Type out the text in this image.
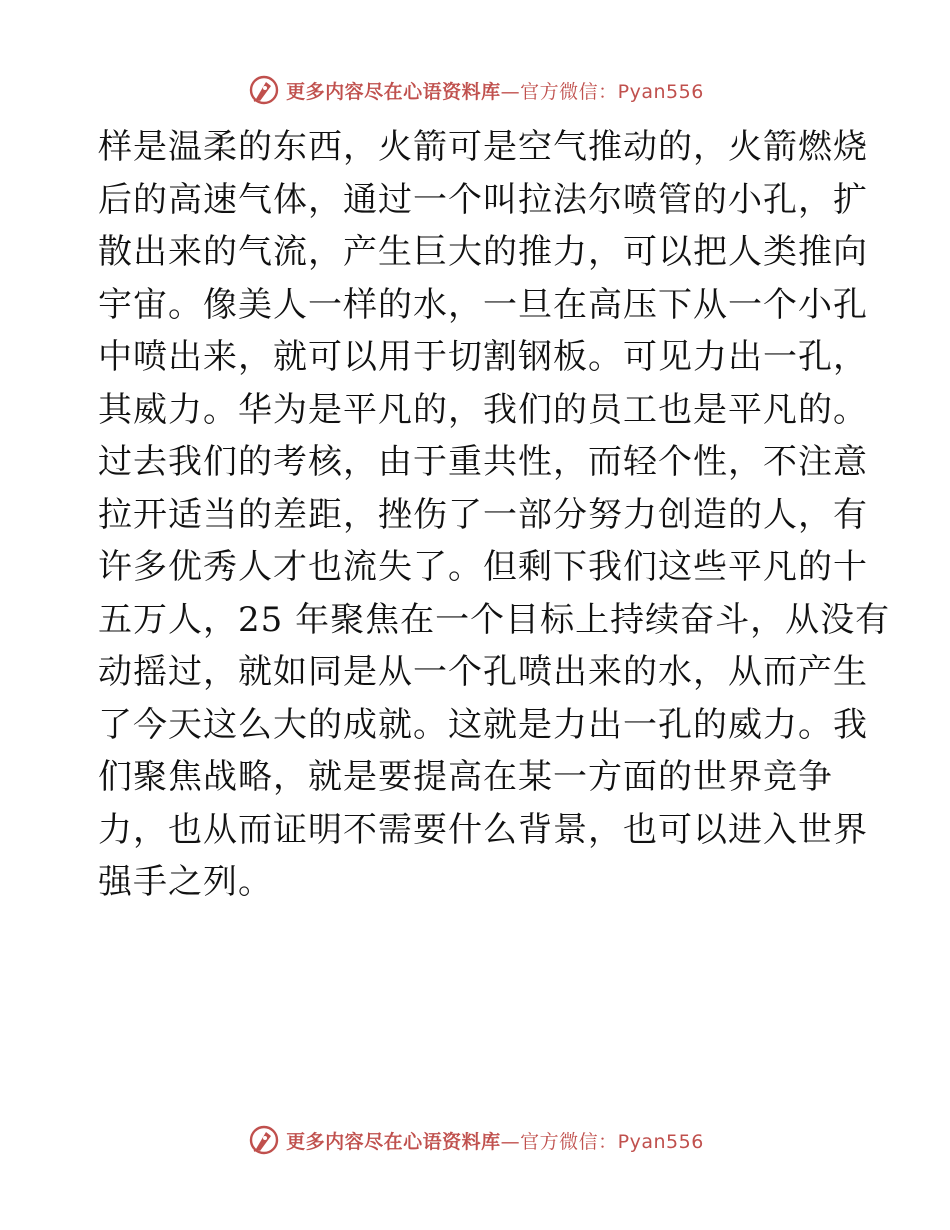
更多内容尽在心语资料库 —官方微信：Pyan556
样是温柔的东西，火箭可是空气推动的，火箭燃烧
后的高速气体，通过一个叫拉法尔喷管的小孔，扩
散出来的气流，产生巨大的推力，可以把人类推向
宇宙。像美人一样的水，一旦在高压下从一个小孔
中喷出来，就可以用于切割钢板。可见力出一孔，
其威力。华为是平凡的，我们的员工也是平凡的。
过去我们的考核，由于重共性，而轻个性，不注意
拉开适当的差距，挫伤了一部分努力创造的人，有
许多优秀人才也流失了。但剩下我们这些平凡的十
五万人，25 年聚焦在一个目标上持续奋斗，从没有
动摇过，就如同是从一个孔喷出来的水，从而产生
了今天这么大的成就。这就是力出一孔的威力。我
们聚焦战略，就是要提高在某一方面的世界竞争
力，也从而证明不需要什么背景，也可以进入世界
强手之列。
更多内容尽在心语资料库 —官方微信：Pyan556
